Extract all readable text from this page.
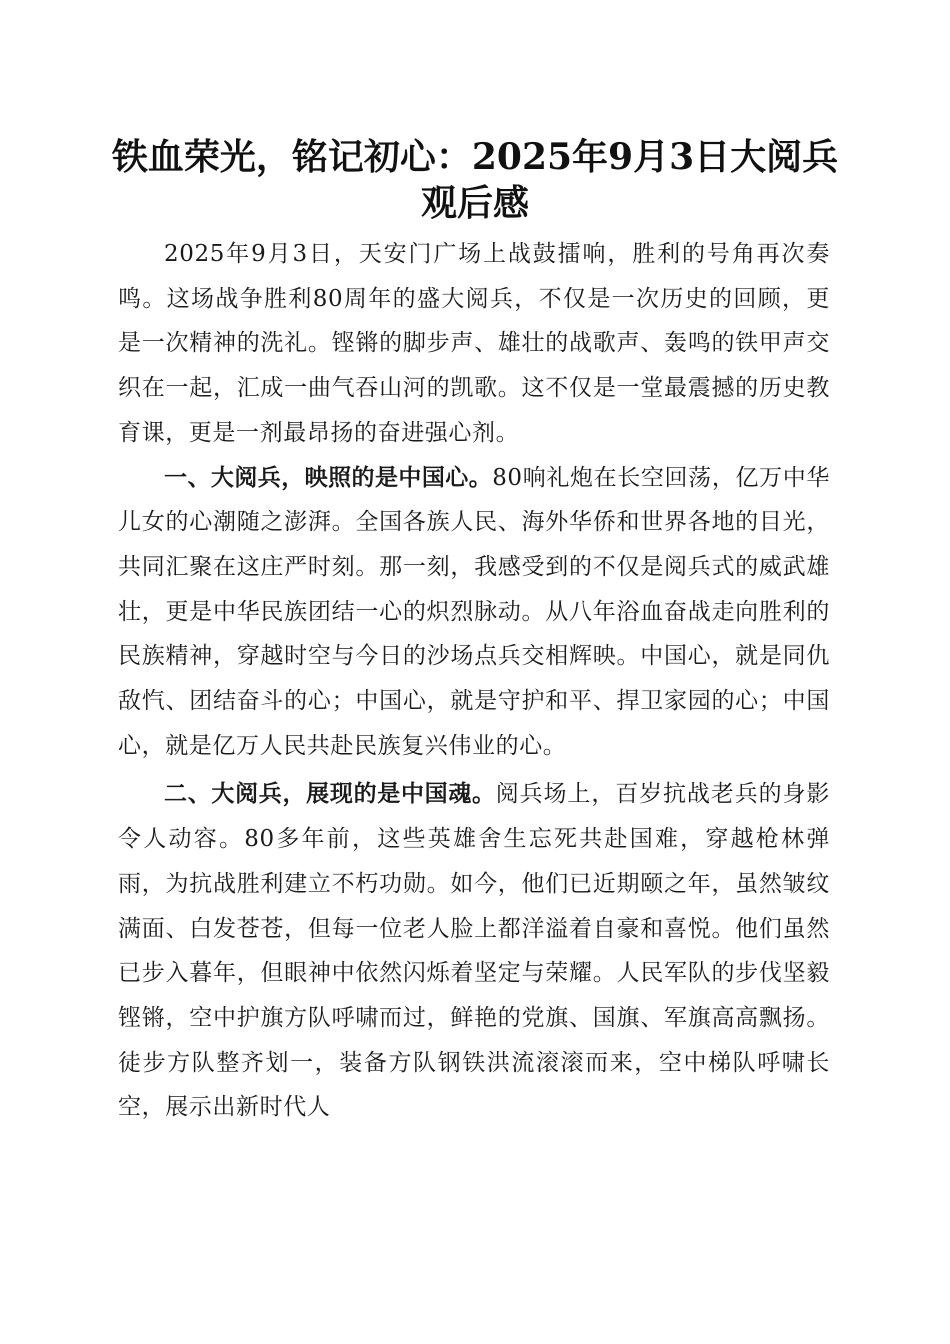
铁血荣光，铭记初心：2025年9月3日大阅兵观后感

2025年9月3日，天安门广场上战鼓擂响，胜利的号角再次奏鸣。这场战争胜利80周年的盛大阅兵，不仅是一次历史的回顾，更是一次精神的洗礼。铿锵的脚步声、雄壮的战歌声、轰鸣的铁甲声交织在一起，汇成一曲气吞山河的凯歌。这不仅是一堂最震撼的历史教育课，更是一剂最昂扬的奋进强心剂。

一、大阅兵，映照的是中国心。80响礼炮在长空回荡，亿万中华儿女的心潮随之澎湃。全国各族人民、海外华侨和世界各地的目光，共同汇聚在这庄严时刻。那一刻，我感受到的不仅是阅兵式的威武雄壮，更是中华民族团结一心的炽烈脉动。从八年浴血奋战走向胜利的民族精神，穿越时空与今日的沙场点兵交相辉映。中国心，就是同仇敌忾、团结奋斗的心；中国心，就是守护和平、捍卫家园的心；中国心，就是亿万人民共赴民族复兴伟业的心。

二、大阅兵，展现的是中国魂。阅兵场上，百岁抗战老兵的身影令人动容。80多年前，这些英雄舍生忘死共赴国难，穿越枪林弹雨，为抗战胜利建立不朽功勋。如今，他们已近期颐之年，虽然皱纹满面、白发苍苍，但每一位老人脸上都洋溢着自豪和喜悦。他们虽然已步入暮年，但眼神中依然闪烁着坚定与荣耀。人民军队的步伐坚毅铿锵，空中护旗方队呼啸而过，鲜艳的党旗、国旗、军旗高高飘扬。徒步方队整齐划一，装备方队钢铁洪流滚滚而来，空中梯队呼啸长空，展示出新时代人
